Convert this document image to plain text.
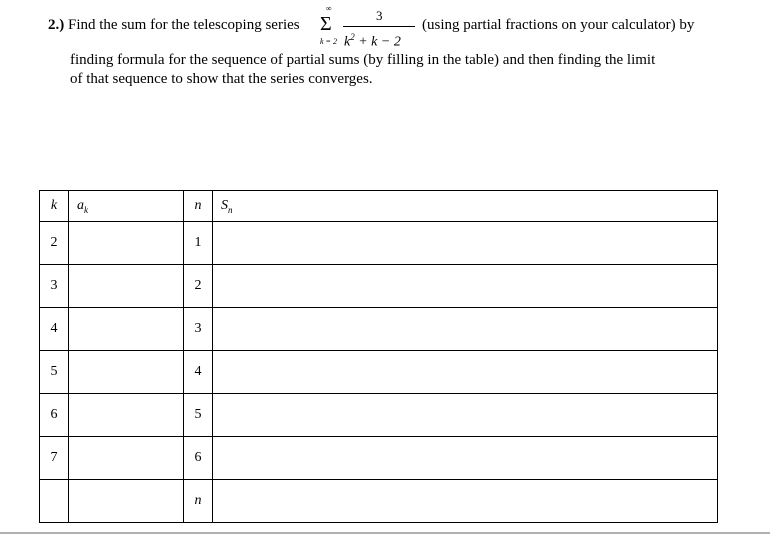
2.) Find the sum for the telescoping series
∞
Σ
k = 2
3
$k^2 + k - 2$
(using partial fractions on your calculator) by
finding formula for the sequence of partial sums (by filling in the table) and then finding the limit
of that sequence to show that the series converges.
k	$a_k$	n	$S_n$
2		1	
3		2	
4		3	
5		4	
6		5	
7		6	
		n	
